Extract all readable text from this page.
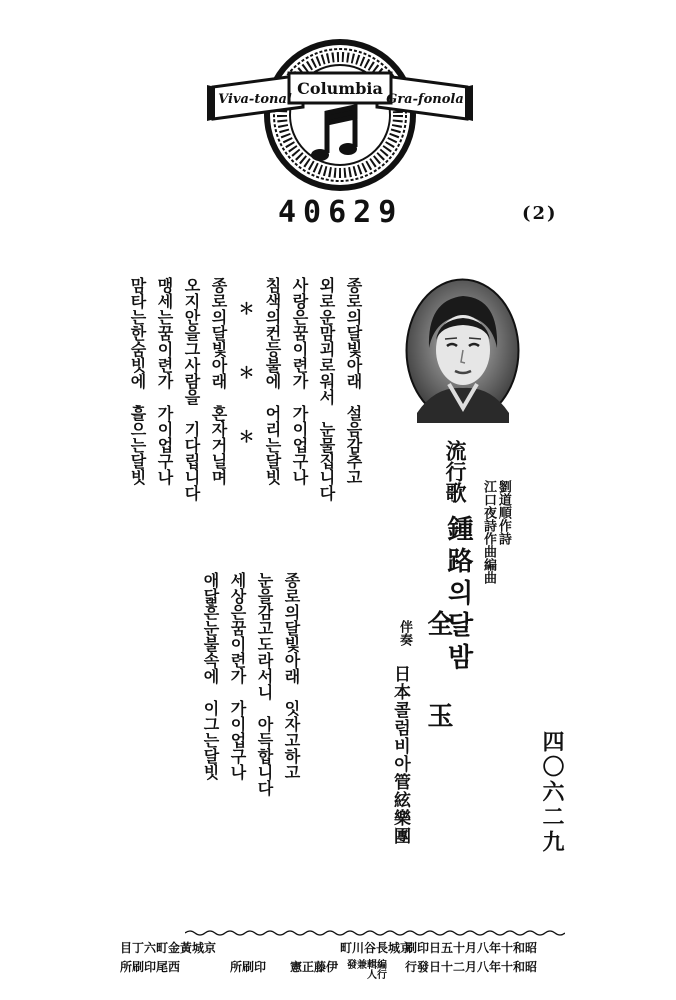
Viva-tonal
Columbia
Gra-fonola
40629	(2)
종로의달빛아래　설음감추고
외로운맘괴로워서　눈물집니다
사랑은꿈이련가　가이업구나
침색의컨등불에　어리는달빗
＊　＊　＊
종로의달빛아래　혼자거닐며
오지안을그사람을　기다립니다
맹세는꿈이련가　가이업구나
맘타는한숨빗에　흘으는달빗
종로의달빛아래　잇자고하고
눈을감고도라서니　아득합니다
세상은꿈이련가　가이업구나
애닯흔눈불속에　이그는달빗
流行歌
劉道順作詩
江口夜詩作曲編曲
鍾路의달밤
全 玉
伴奏
日本콜럼비아管絃樂團	四〇六二九
昭和十年八月十五日印刷
昭和十年八月二十日發行
京城長谷川町
編輯兼發行人
伊藤正憲
京城黃金町六丁目
印刷所
西尾印刷所
